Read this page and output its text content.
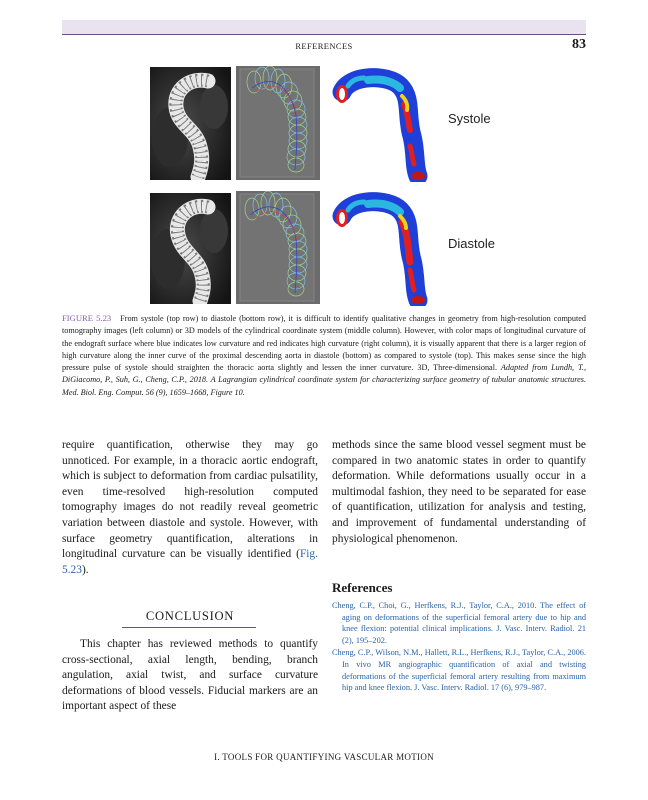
REFERENCES	83
Systole
Diastole
FIGURE 5.23 From systole (top row) to diastole (bottom row), it is difficult to identify qualitative changes in geometry from high-resolution computed tomography images (left column) or 3D models of the cylindrical coordinate system (middle column). However, with color maps of longitudinal curvature of the endograft surface where blue indicates low curvature and red indicates high curvature (right column), it is visually apparent that there is a larger region of high curvature along the inner curve of the proximal descending aorta in diastole (bottom) as compared to systole (top). This makes sense since the high pressure pulse of systole should straighten the thoracic aorta slightly and lessen the inner curvature. 3D, Three-dimensional. Adapted from Lundh, T., DiGiacomo, P., Suh, G., Cheng, C.P., 2018. A Lagrangian cylindrical coordinate system for characterizing surface geometry of tubular anatomic structures. Med. Biol. Eng. Comput. 56 (9), 1659–1668, Figure 10.

require quantification, otherwise they may go unnoticed. For example, in a thoracic aortic endograft, which is subject to deformation from cardiac pulsatility, even time-resolved high-resolution computed tomography images do not readily reveal geometric variation between diastole and systole. However, with surface geometry quantification, alterations in longitudinal curvature can be visually identified (Fig. 5.23).

CONCLUSION

This chapter has reviewed methods to quantify cross-sectional, axial length, bending, branch angulation, axial twist, and surface curvature deformations of blood vessels. Fiducial markers are an important aspect of these

methods since the same blood vessel segment must be compared in two anatomic states in order to quantify deformation. While deformations usually occur in a multimodal fashion, they need to be separated for ease of quantification, utilization for analysis and testing, and improvement of fundamental understanding of physiological phenomenon.

References

Cheng, C.P., Choi, G., Herfkens, R.J., Taylor, C.A., 2010. The effect of aging on deformations of the superficial femoral artery due to hip and knee flexion: potential clinical implications. J. Vasc. Interv. Radiol. 21 (2), 195–202.

Cheng, C.P., Wilson, N.M., Hallett, R.L., Herfkens, R.J., Taylor, C.A., 2006. In vivo MR angiographic quantification of axial and twisting deformations of the superficial femoral artery resulting from maximum hip and knee flexion. J. Vasc. Interv. Radiol. 17 (6), 979–987.

I. TOOLS FOR QUANTIFYING VASCULAR MOTION
